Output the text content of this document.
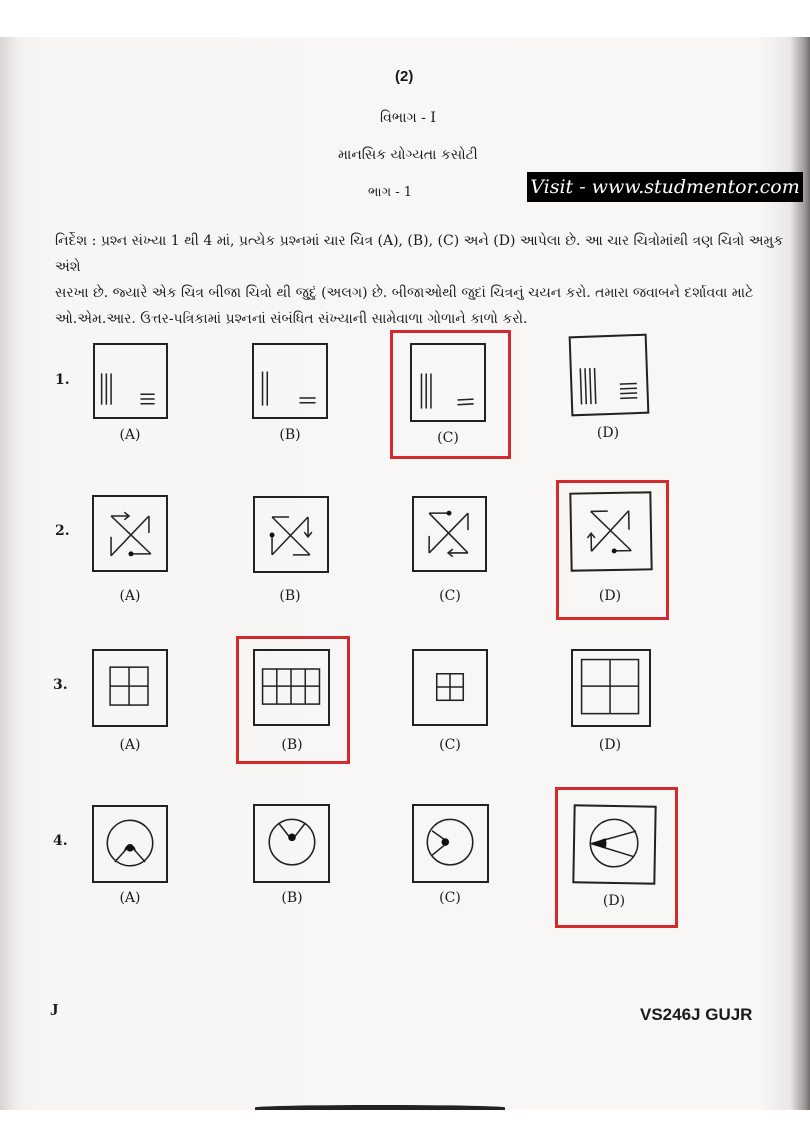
(2)
વિભાગ - I
માનસિક યોગ્યતા કસોટી
ભાગ - 1	Visit - www.studmentor.com
નિર્દેશ : પ્રશ્ન સંખ્યા 1 થી 4 માં, પ્રત્યેક પ્રશ્નમાં ચાર ચિત્ર (A), (B), (C) અને (D) આપેલા છે. આ ચાર ચિત્રોમાંથી ત્રણ ચિત્રો અમુક અંશે
સરખા છે. જ્યારે એક ચિત્ર બીજા ચિત્રો થી જુદું (અલગ) છે. બીજાઓથી જુદાં ચિત્રનું ચયન કરો. તમારા જવાબને દર્શાવવા માટે
ઓ.એમ.આર. ઉત્તર-પત્રિકામાં પ્રશ્નનાં સંબંધિત સંખ્યાની સામેવાળા ગોળાને કાળો કરો.
1.
(A)	(B)	(C)	(D)
2.
(A)	(B)	(C)	(D)
3.
(A)	(B)	(C)	(D)
4.
(A)	(B)	(C)	(D)
J	VS246J GUJR
